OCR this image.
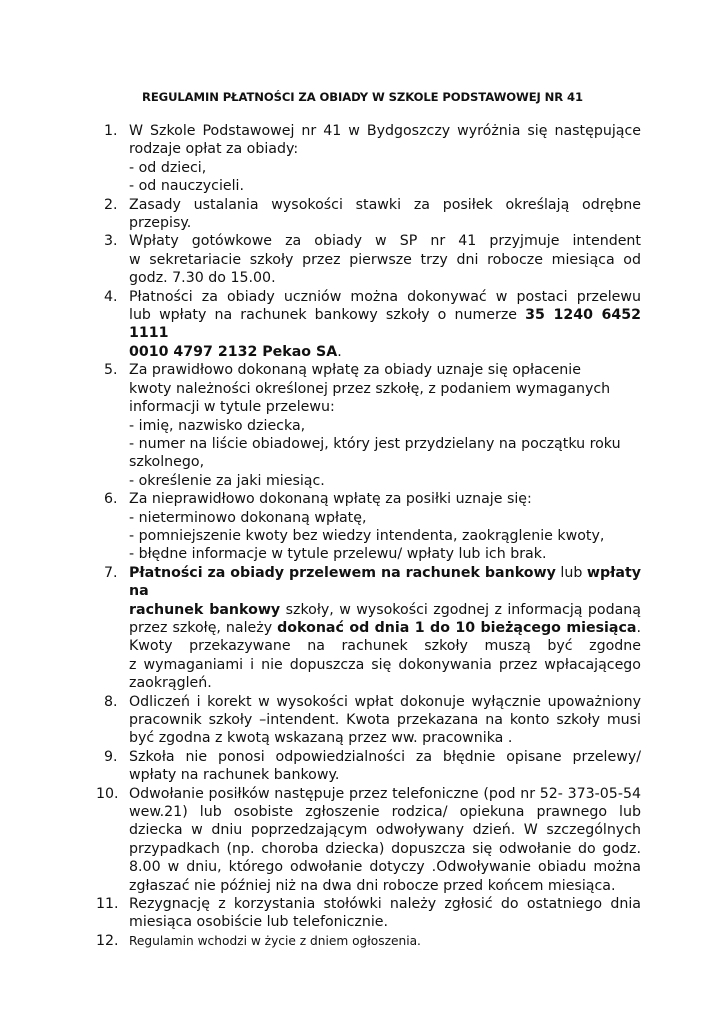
REGULAMIN PŁATNOŚCI ZA OBIADY W SZKOLE PODSTAWOWEJ NR 41
1. W Szkole Podstawowej nr 41 w Bydgoszczy wyróżnia się następujące
rodzaje opłat za obiady:
- od dzieci,
- od nauczycieli.
2. Zasady ustalania wysokości stawki za posiłek określają odrębne
przepisy.
3. Wpłaty gotówkowe za obiady w SP nr 41 przyjmuje intendent
w sekretariacie szkoły przez pierwsze trzy dni robocze miesiąca od
godz. 7.30 do 15.00.
4. Płatności za obiady uczniów można dokonywać w postaci przelewu
lub wpłaty na rachunek bankowy szkoły o numerze 35 1240 6452 1111
0010 4797 2132 Pekao SA.
5. Za prawidłowo dokonaną wpłatę za obiady uznaje się opłacenie
kwoty należności określonej przez szkołę, z podaniem wymaganych
informacji w tytule przelewu:
- imię, nazwisko dziecka,
- numer na liście obiadowej, który jest przydzielany na początku roku
szkolnego,
- określenie za jaki miesiąc.
6. Za nieprawidłowo dokonaną wpłatę za posiłki uznaje się:
- nieterminowo dokonaną wpłatę,
- pomniejszenie kwoty bez wiedzy intendenta, zaokrąglenie kwoty,
- błędne informacje w tytule przelewu/ wpłaty lub ich brak.
7. Płatności za obiady przelewem na rachunek bankowy lub wpłaty na
rachunek bankowy szkoły, w wysokości zgodnej z informacją podaną
przez szkołę, należy dokonać od dnia 1 do 10 bieżącego miesiąca.
Kwoty przekazywane na rachunek szkoły muszą być zgodne
z wymaganiami i nie dopuszcza się dokonywania przez wpłacającego
zaokrągleń.
8. Odliczeń i korekt w wysokości wpłat dokonuje wyłącznie upoważniony
pracownik szkoły –intendent. Kwota przekazana na konto szkoły musi
być zgodna z kwotą wskazaną przez ww. pracownika .
9. Szkoła nie ponosi odpowiedzialności za błędnie opisane przelewy/
wpłaty na rachunek bankowy.
10. Odwołanie posiłków następuje przez telefoniczne (pod nr 52- 373-05-54
wew.21) lub osobiste zgłoszenie rodzica/ opiekuna prawnego lub
dziecka w dniu poprzedzającym odwoływany dzień. W szczególnych
przypadkach (np. choroba dziecka) dopuszcza się odwołanie do godz.
8.00 w dniu, którego odwołanie dotyczy .Odwoływanie obiadu można
zgłaszać nie później niż na dwa dni robocze przed końcem miesiąca.
11. Rezygnację z korzystania stołówki należy zgłosić do ostatniego dnia
miesiąca osobiście lub telefonicznie.
12. Regulamin wchodzi w życie z dniem ogłoszenia.
